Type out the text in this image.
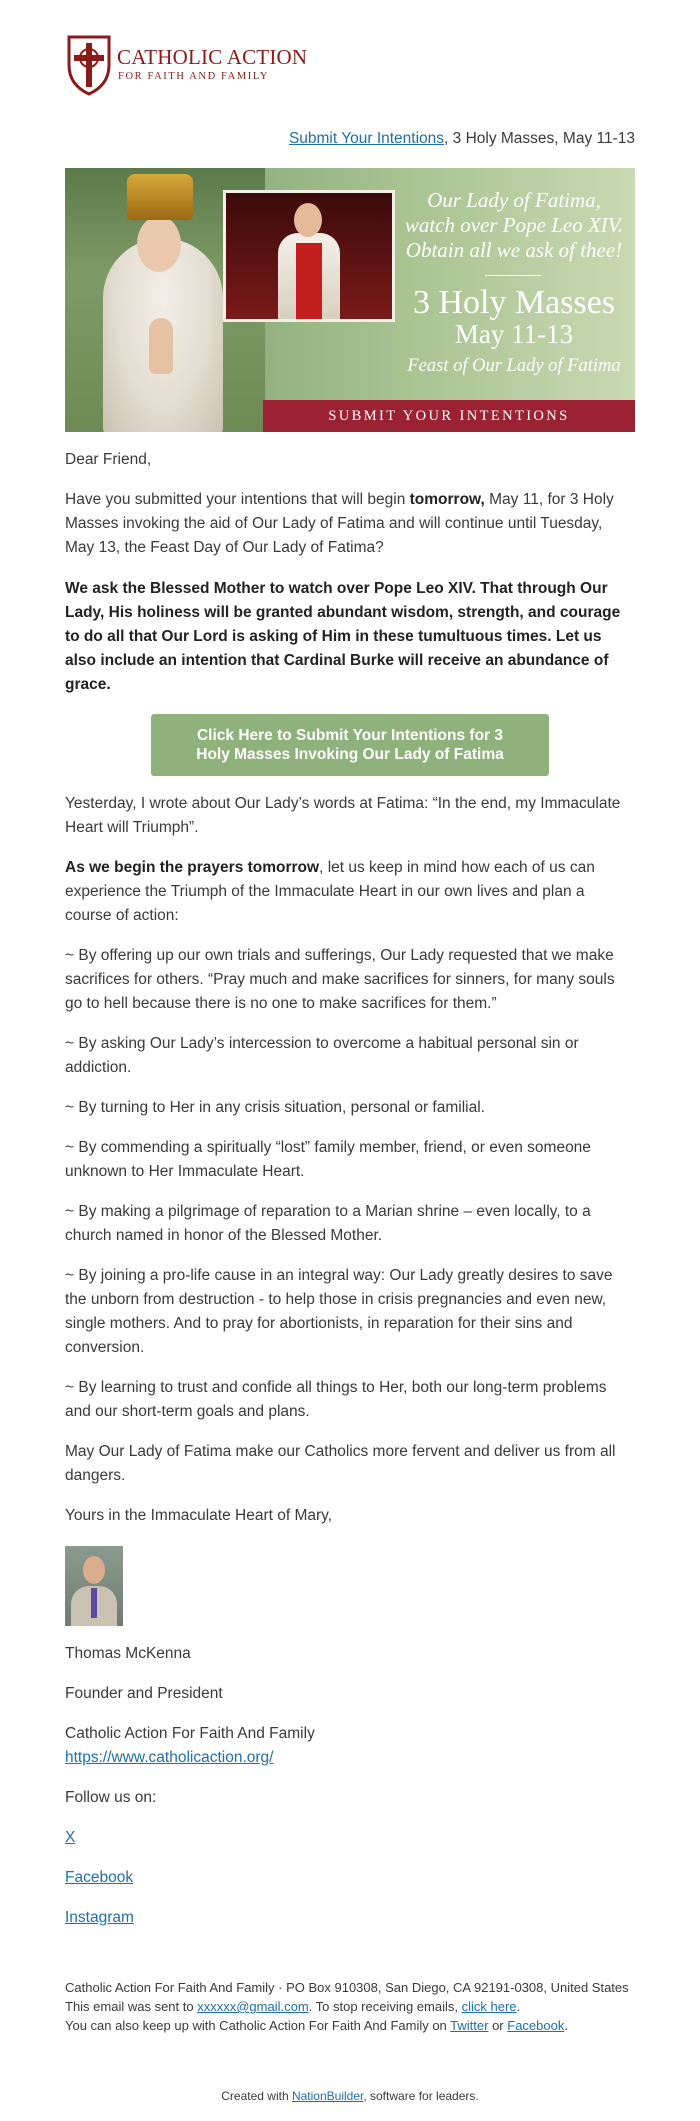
CATHOLIC ACTION
FOR FAITH AND FAMILY
Submit Your Intentions, 3 Holy Masses, May 11-13
Our Lady of Fatima,
watch over Pope Leo XIV.
Obtain all we ask of thee!
3 Holy Masses
May 11-13
Feast of Our Lady of Fatima
SUBMIT YOUR INTENTIONS

Dear Friend,

Have you submitted your intentions that will begin tomorrow, May 11, for 3 Holy Masses invoking the aid of Our Lady of Fatima and will continue until Tuesday, May 13, the Feast Day of Our Lady of Fatima?

We ask the Blessed Mother to watch over Pope Leo XIV. That through Our Lady, His holiness will be granted abundant wisdom, strength, and courage to do all that Our Lord is asking of Him in these tumultuous times. Let us also include an intention that Cardinal Burke will receive an abundance of grace.

Click Here to Submit Your Intentions for 3 Holy Masses Invoking Our Lady of Fatima

Yesterday, I wrote about Our Lady’s words at Fatima: “In the end, my Immaculate Heart will Triumph”.

As we begin the prayers tomorrow, let us keep in mind how each of us can experience the Triumph of the Immaculate Heart in our own lives and plan a course of action:

~ By offering up our own trials and sufferings, Our Lady requested that we make sacrifices for others. “Pray much and make sacrifices for sinners, for many souls go to hell because there is no one to make sacrifices for them.”

~ By asking Our Lady’s intercession to overcome a habitual personal sin or addiction.

~ By turning to Her in any crisis situation, personal or familial.

~ By commending a spiritually “lost” family member, friend, or even someone unknown to Her Immaculate Heart.

~ By making a pilgrimage of reparation to a Marian shrine – even locally, to a church named in honor of the Blessed Mother.

~ By joining a pro-life cause in an integral way: Our Lady greatly desires to save the unborn from destruction - to help those in crisis pregnancies and even new, single mothers. And to pray for abortionists, in reparation for their sins and conversion.

~ By learning to trust and confide all things to Her, both our long-term problems and our short-term goals and plans.

May Our Lady of Fatima make our Catholics more fervent and deliver us from all dangers.

Yours in the Immaculate Heart of Mary,

Thomas McKenna

Founder and President

Catholic Action For Faith And Family

https://www.catholicaction.org/

Follow us on:

X

Facebook

Instagram

Catholic Action For Faith And Family · PO Box 910308, San Diego, CA 92191-0308, United States
This email was sent to xxxxxx@gmail.com. To stop receiving emails, click here.
You can also keep up with Catholic Action For Faith And Family on Twitter or Facebook.
Created with NationBuilder, software for leaders.
